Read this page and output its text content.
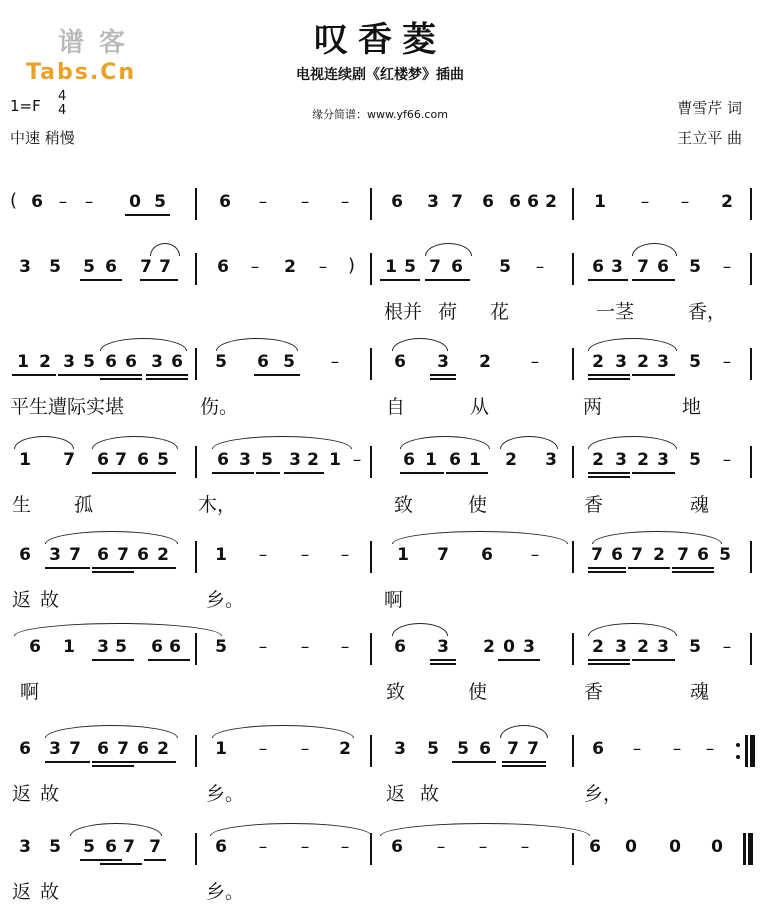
谱 客
Tabs.Cn
叹香菱
电视连续剧《红楼梦》插曲
缘分简谱：www.yf66.com
1=F
4
4
中速 稍慢
曹雪芹 词
王立平 曲
6 –	–	0 5	6	–	–	–	6	3 7	6 6 6 2	1	–	–	2
(
3	5	5 6	7 7	6	–	2	–	1 5 7 6	5	–	6 3 7 6	5	–
根并 荷 花	一茎	香，
)
1 2 3 5 6 6 3 6	5	6 5	–	6	3	2	–	2 3 2 3	5	–
平生遭际实堪	伤。	自	从	两	地
1	7	6 7 6 5	6 3 5 3 2 1 –	6 1 6 1	2	3	2 3 2 3	5	–
生 孤	木，	致	使	香	魂
6	3 7 6 7 6 2	1	–	–	–	1	7	6	–	7 6 7 2 7 6 5
返 故	乡。	啊
6	1	3 5	6 6	5	–	–	–	6	3	2 0 3	2 3 2 3	5	–
啊	致	使	香	魂
6	3 7 6 7 6 2	1	–	–	2	3	5	5 6 7 7	6	–	–	–
返 故	乡。	返 故	乡，
3	5	5 6 7 7	6	–	–	–	6	–	–	–	6	0	0	0
返 故	乡。
